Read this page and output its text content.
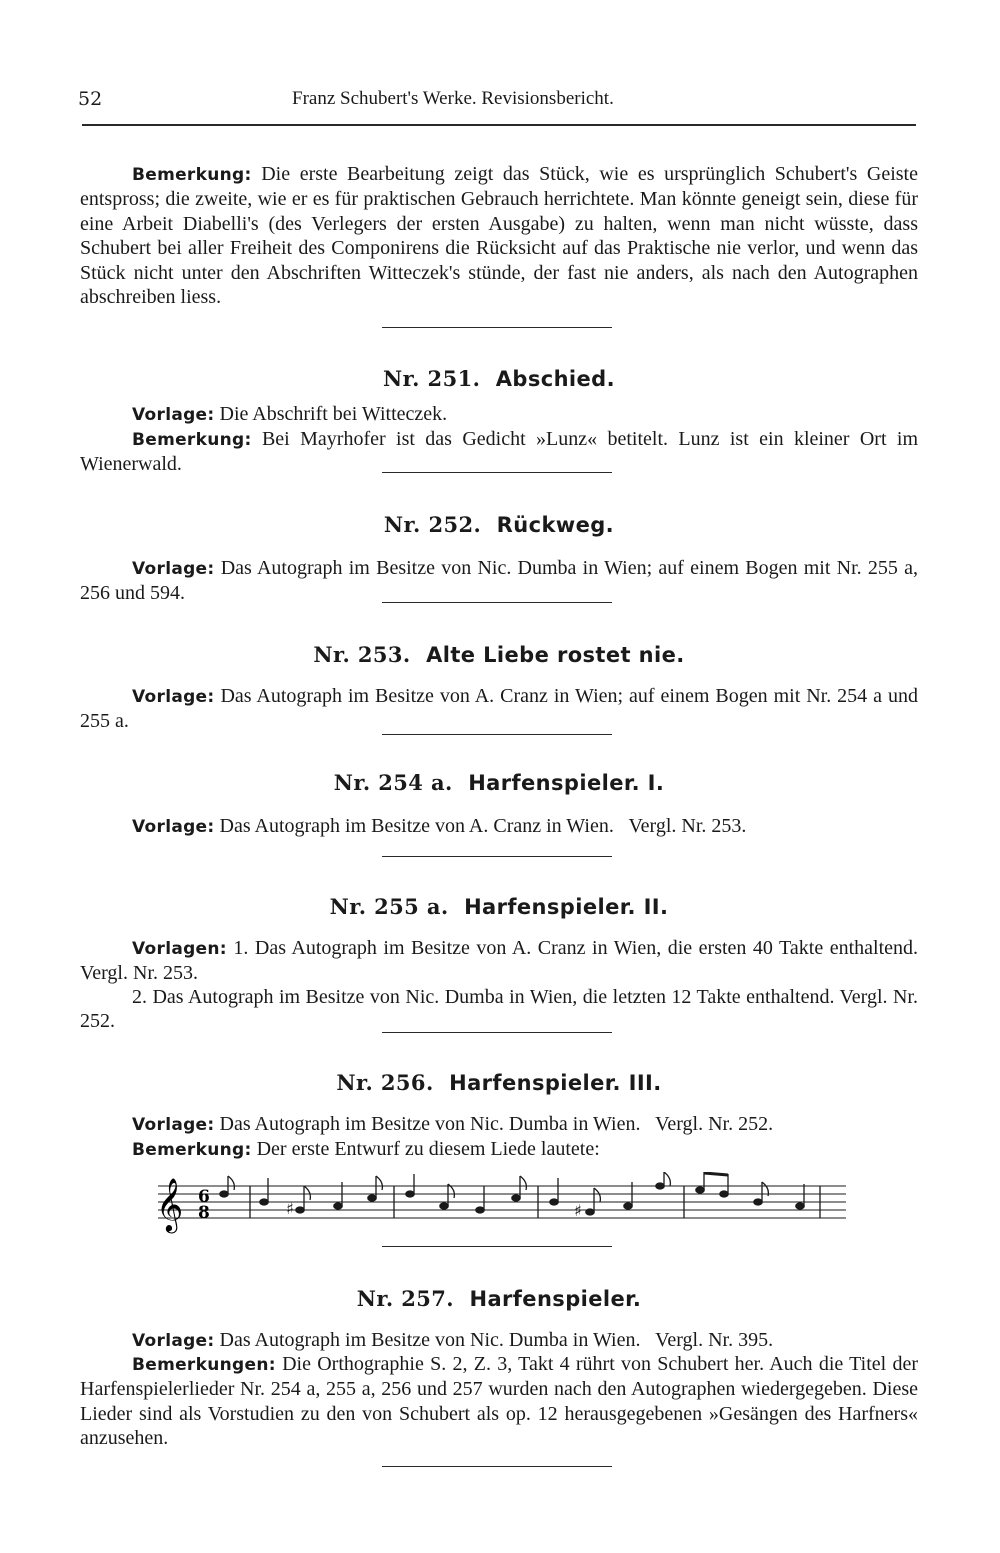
52	Franz Schubert's Werke. Revisionsbericht.

Bemerkung: Die erste Bearbeitung zeigt das Stück, wie es ursprünglich Schubert's Geiste entspross; die zweite, wie er es für praktischen Gebrauch herrichtete. Man könnte geneigt sein, diese für eine Arbeit Diabelli's (des Verlegers der ersten Ausgabe) zu halten, wenn man nicht wüsste, dass Schubert bei aller Freiheit des Componirens die Rücksicht auf das Praktische nie verlor, und wenn das Stück nicht unter den Abschriften Witteczek's stünde, der fast nie anders, als nach den Autographen abschreiben liess.

Nr. 251. Abschied.

Vorlage: Die Abschrift bei Witteczek.

Bemerkung: Bei Mayrhofer ist das Gedicht »Lunz« betitelt. Lunz ist ein kleiner Ort im Wienerwald.

Nr. 252. Rückweg.

Vorlage: Das Autograph im Besitze von Nic. Dumba in Wien; auf einem Bogen mit Nr. 255 a, 256 und 594.

Nr. 253. Alte Liebe rostet nie.

Vorlage: Das Autograph im Besitze von A. Cranz in Wien; auf einem Bogen mit Nr. 254 a und 255 a.

Nr. 254 a. Harfenspieler. I.
Vorlage: Das Autograph im Besitze von A. Cranz in Wien.   Vergl. Nr. 253.
Nr. 255 a. Harfenspieler. II.

Vorlagen: 1. Das Autograph im Besitze von A. Cranz in Wien, die ersten 40 Takte enthaltend. Vergl. Nr. 253.

2. Das Autograph im Besitze von Nic. Dumba in Wien, die letzten 12 Takte enthaltend. Vergl. Nr. 252.

Nr. 256. Harfenspieler. III.
Vorlage: Das Autograph im Besitze von Nic. Dumba in Wien.   Vergl. Nr. 252.
Bemerkung: Der erste Entwurf zu diesem Liede lautete:
𝄞 6
8	♯	♯
Nr. 257. Harfenspieler.
Vorlage: Das Autograph im Besitze von Nic. Dumba in Wien.   Vergl. Nr. 395.

Bemerkungen: Die Orthographie S. 2, Z. 3, Takt 4 rührt von Schubert her. Auch die Titel der Harfenspielerlieder Nr. 254 a, 255 a, 256 und 257 wurden nach den Autographen wiedergegeben. Diese Lieder sind als Vorstudien zu den von Schubert als op. 12 herausgegebenen »Gesängen des Harfners« anzusehen.
